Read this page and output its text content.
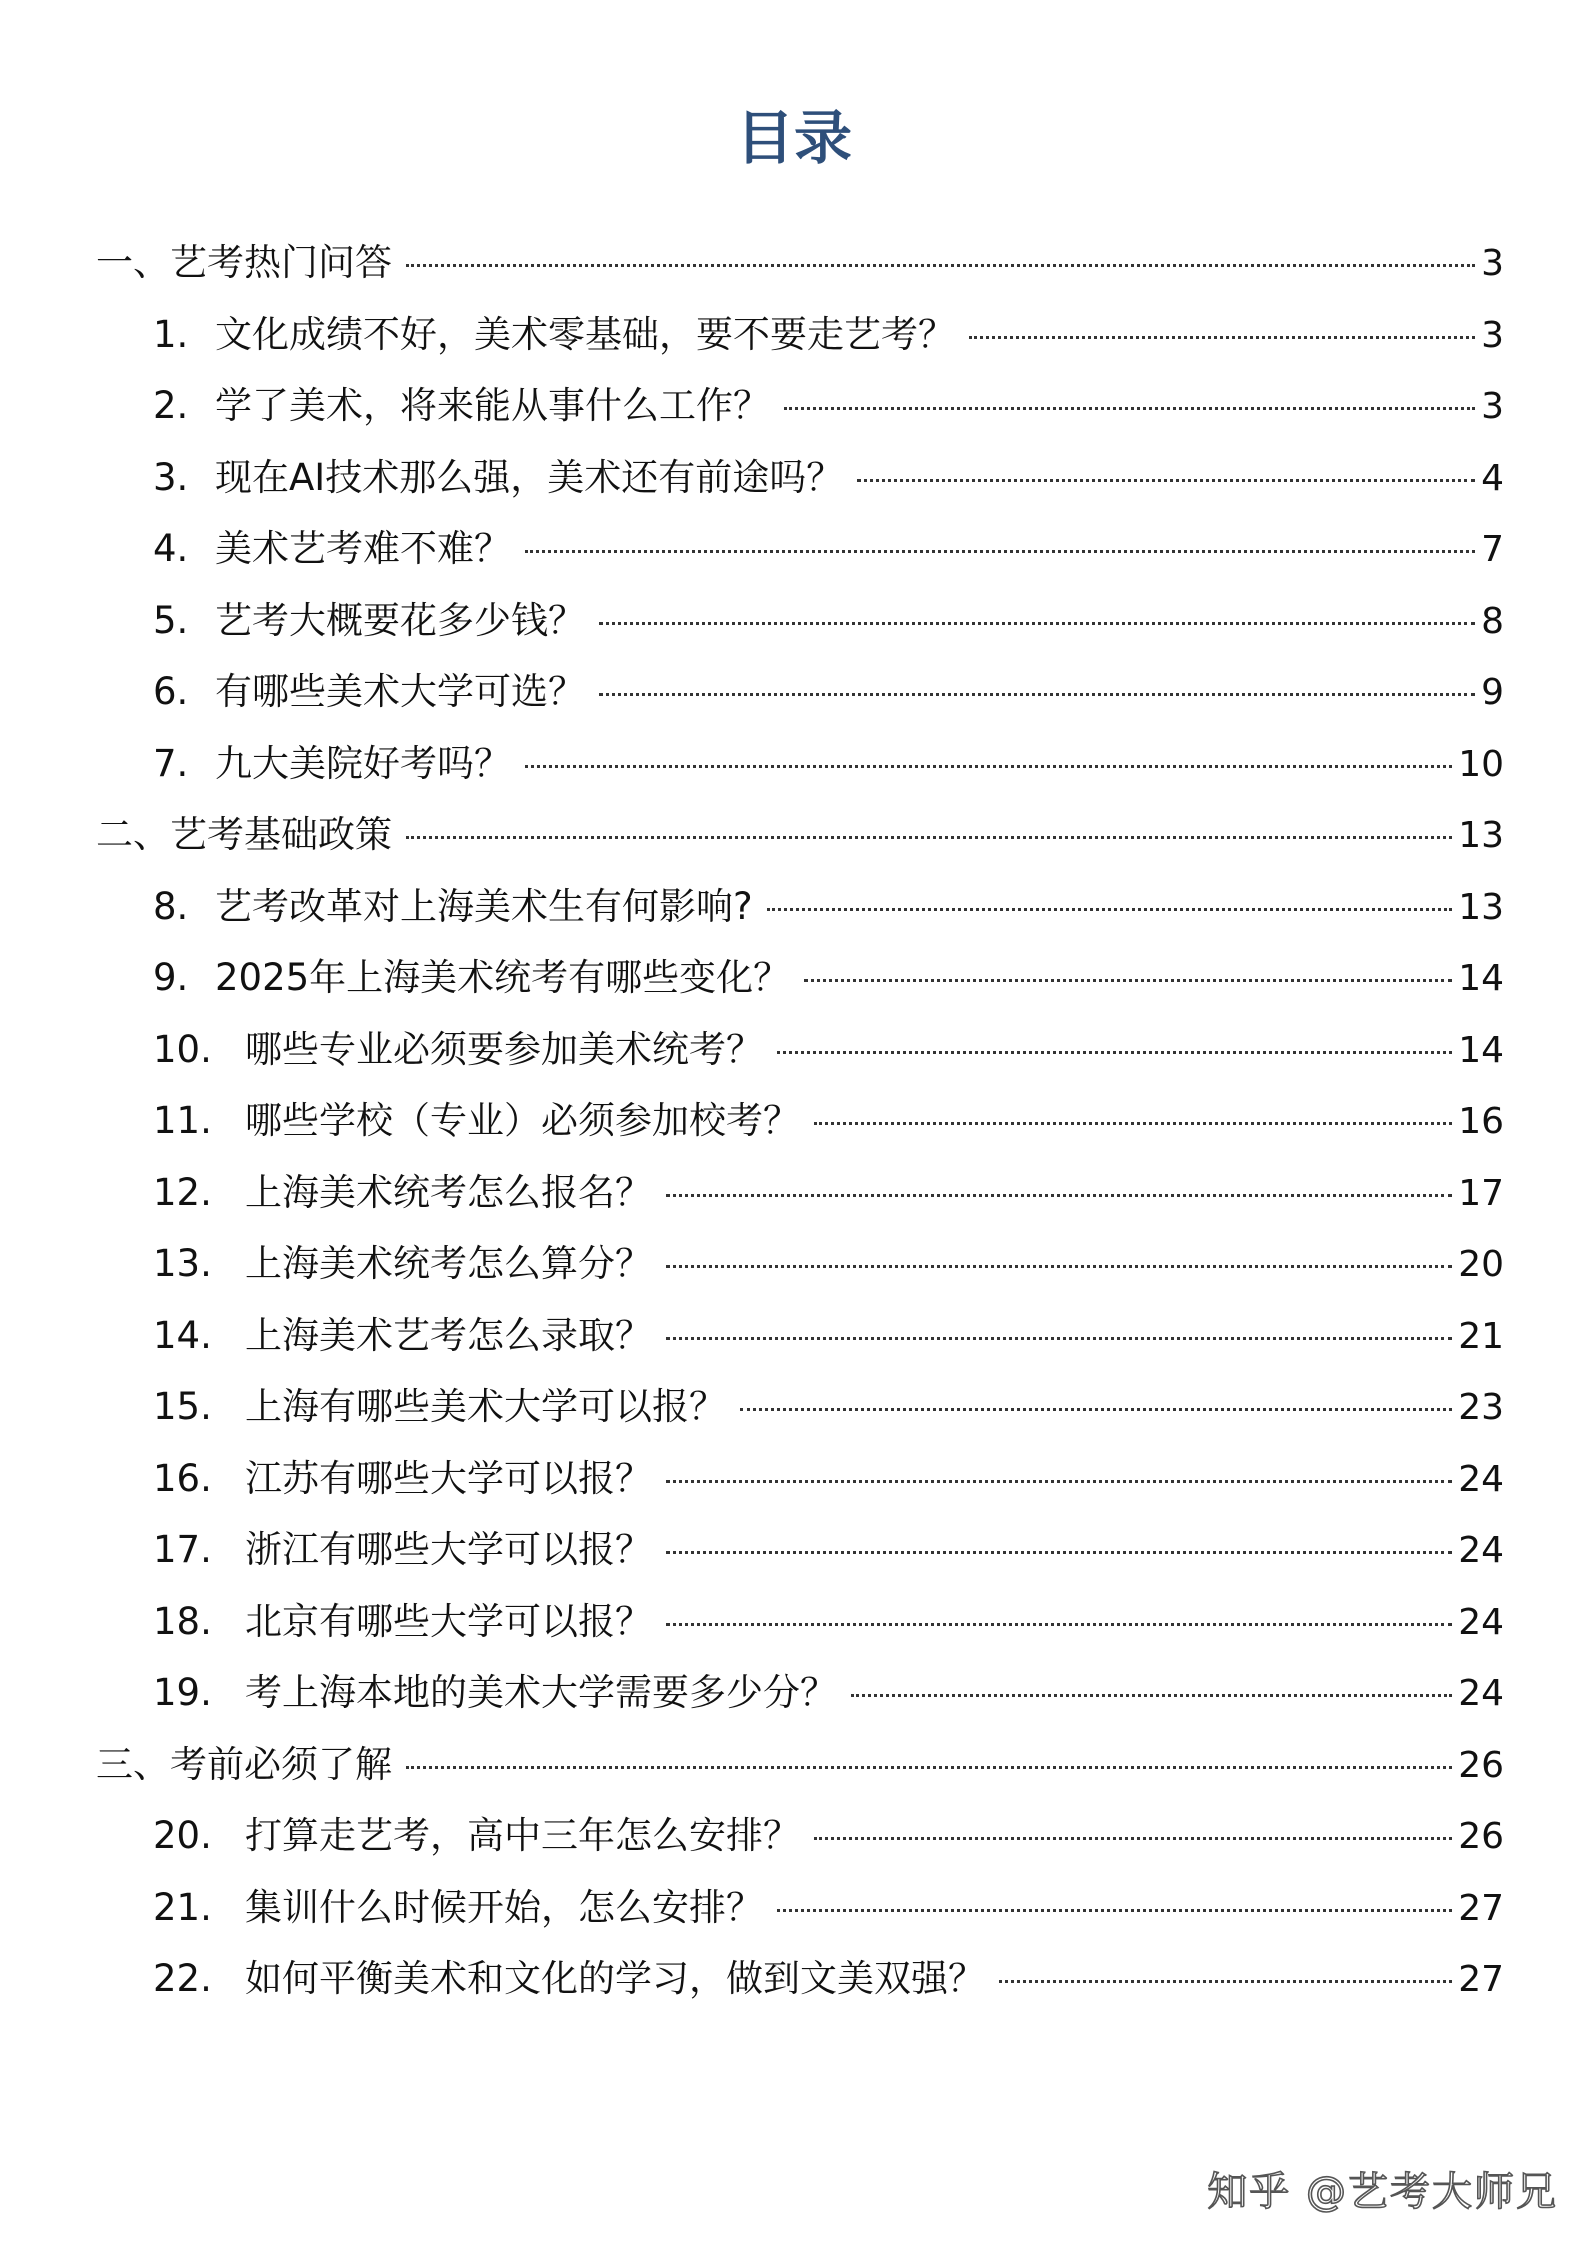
目录
一、艺考热门问答	3
1. 文化成绩不好，美术零基础，要不要走艺考？	3
2. 学了美术，将来能从事什么工作？	3
3. 现在AI技术那么强，美术还有前途吗？	4
4. 美术艺考难不难？	7
5. 艺考大概要花多少钱？	8
6. 有哪些美术大学可选？	9
7. 九大美院好考吗？	10
二、艺考基础政策	13
8. 艺考改革对上海美术生有何影响?	13
9. 2025年上海美术统考有哪些变化？	14
10. 哪些专业必须要参加美术统考？	14
11. 哪些学校（专业）必须参加校考？	16
12. 上海美术统考怎么报名？	17
13. 上海美术统考怎么算分？	20
14. 上海美术艺考怎么录取？	21
15. 上海有哪些美术大学可以报？	23
16. 江苏有哪些大学可以报？	24
17. 浙江有哪些大学可以报？	24
18. 北京有哪些大学可以报？	24
19. 考上海本地的美术大学需要多少分？	24
三、考前必须了解	26
20. 打算走艺考，高中三年怎么安排？	26
21. 集训什么时候开始，怎么安排？	27
22. 如何平衡美术和文化的学习，做到文美双强？	27
知乎 @艺考大师兄
